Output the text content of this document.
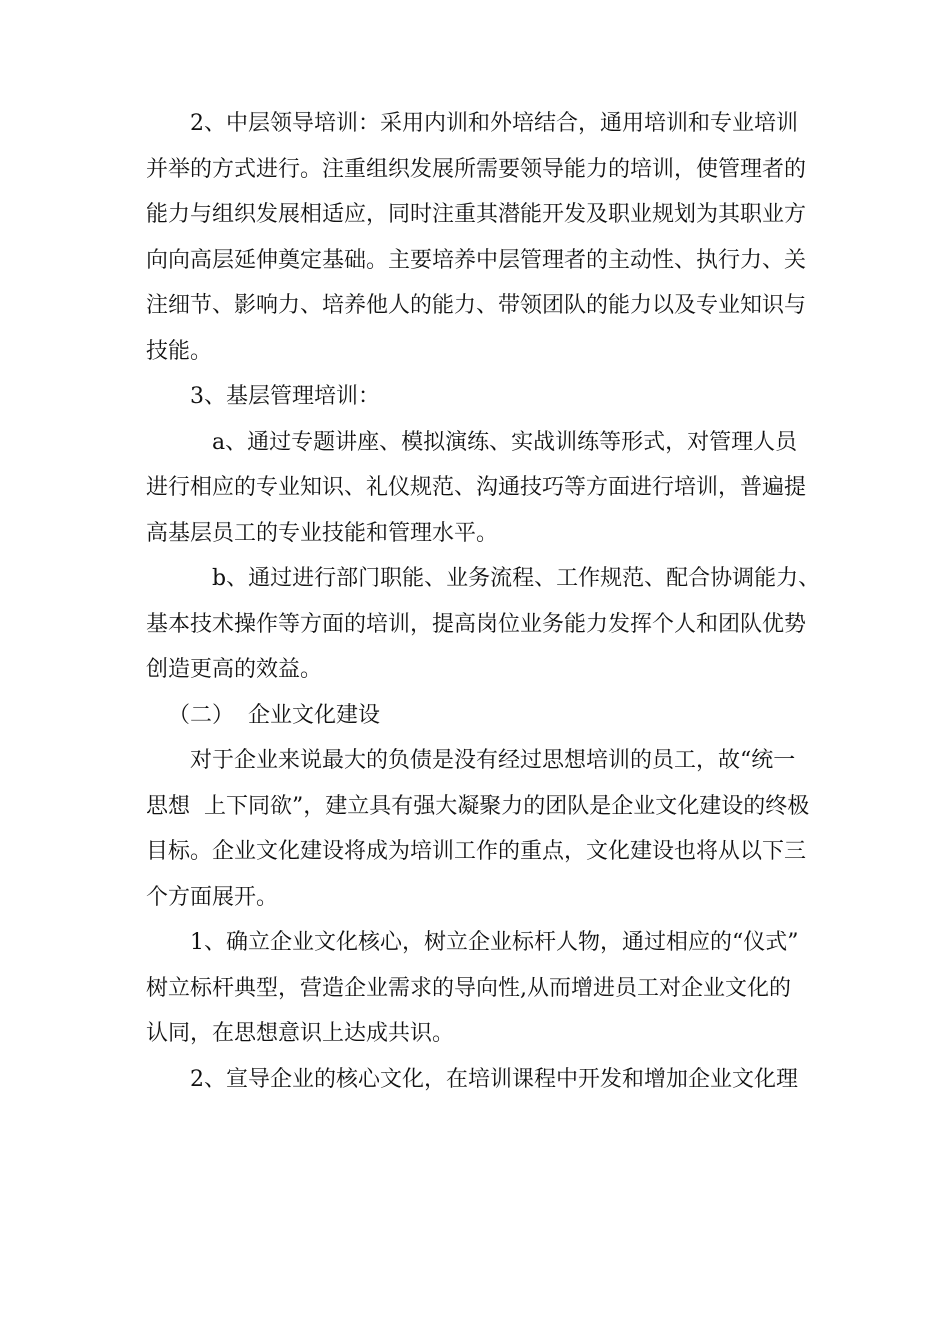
2、中层领导培训：采用内训和外培结合，通用培训和专业培训
并举的方式进行。注重组织发展所需要领导能力的培训，使管理者的
能力与组织发展相适应，同时注重其潜能开发及职业规划为其职业方
向向高层延伸奠定基础。主要培养中层管理者的主动性、执行力、关
注细节、影响力、培养他人的能力、带领团队的能力以及专业知识与
技能。

3、基层管理培训：

a、通过专题讲座、模拟演练、实战训练等形式，对管理人员
进行相应的专业知识、礼仪规范、沟通技巧等方面进行培训，普遍提
高基层员工的专业技能和管理水平。

b、通过进行部门职能、业务流程、工作规范、配合协调能力、
基本技术操作等方面的培训，提高岗位业务能力发挥个人和团队优势
创造更高的效益。

（二）  企业文化建设

对于企业来说最大的负债是没有经过思想培训的员工，故“统一
思想  上下同欲”，建立具有强大凝聚力的团队是企业文化建设的终极
目标。企业文化建设将成为培训工作的重点，文化建设也将从以下三
个方面展开。

1、确立企业文化核心，树立企业标杆人物，通过相应的“仪式”
树立标杆典型，营造企业需求的导向性,从而增进员工对企业文化的
认同，在思想意识上达成共识。

2、宣导企业的核心文化，在培训课程中开发和增加企业文化理
